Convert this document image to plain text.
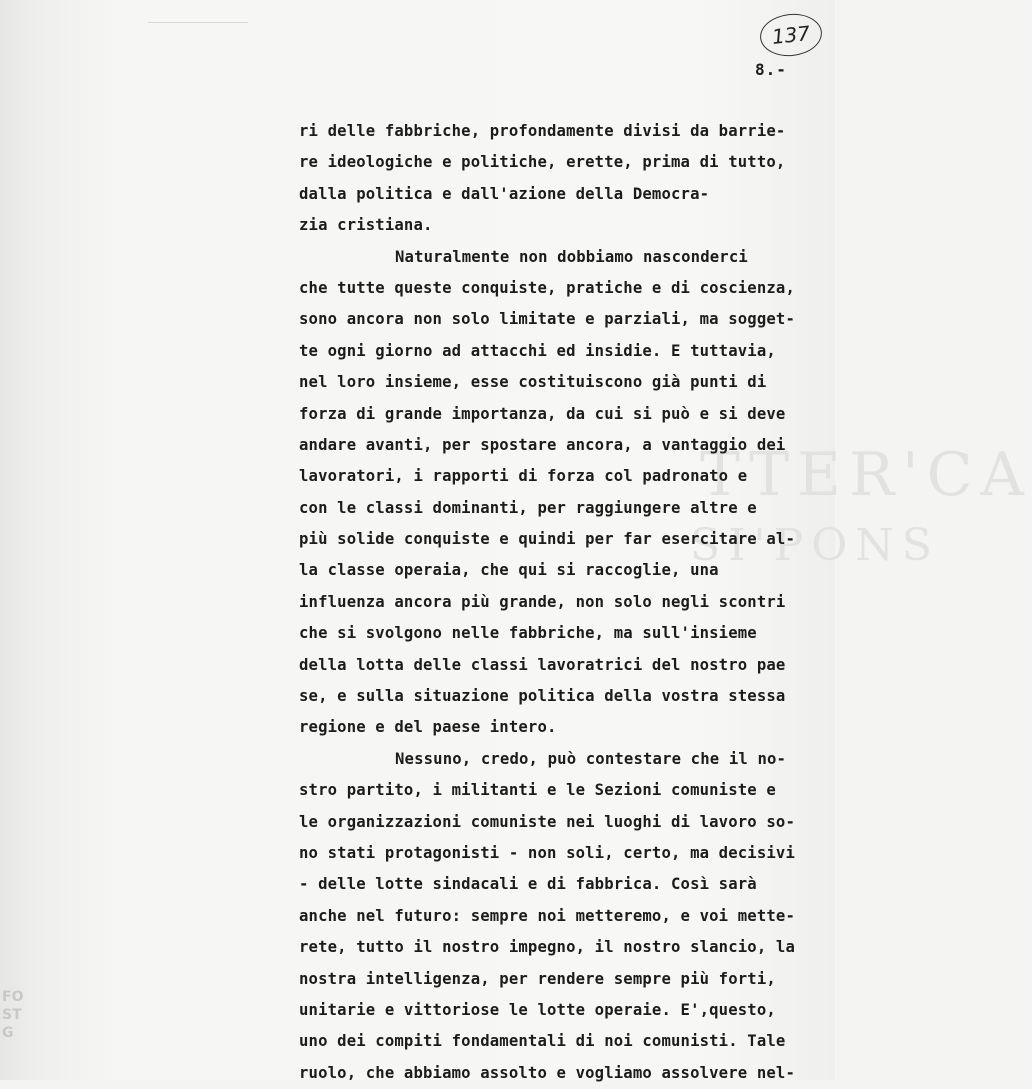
TTER'CA
SI'PONS
137
8.-
ri delle fabbriche, profondamente divisi da barrie-
re ideologiche e politiche, erette, prima di tutto,
dalla politica e dall'azione della Democra-
zia cristiana.
Naturalmente non dobbiamo nasconderci
che tutte queste conquiste, pratiche e di coscienza,
sono ancora non solo limitate e parziali, ma sogget-
te ogni giorno ad attacchi ed insidie. E tuttavia,
nel loro insieme, esse costituiscono già punti di
forza di grande importanza, da cui si può e si deve
andare avanti, per spostare ancora, a vantaggio dei
lavoratori, i rapporti di forza col padronato e
con le classi dominanti, per raggiungere altre e
più solide conquiste e quindi per far esercitare al-
la classe operaia, che qui si raccoglie, una
influenza ancora più grande, non solo negli scontri
che si svolgono nelle fabbriche, ma sull'insieme
della lotta delle classi lavoratrici del nostro pae
se, e sulla situazione politica della vostra stessa
regione e del paese intero.
Nessuno, credo, può contestare che il no-
stro partito, i militanti e le Sezioni comuniste e
le organizzazioni comuniste nei luoghi di lavoro so-
no stati protagonisti - non soli, certo, ma decisivi
- delle lotte sindacali e di fabbrica. Così sarà
anche nel futuro: sempre noi metteremo, e voi mette-
rete, tutto il nostro impegno, il nostro slancio, la
nostra intelligenza, per rendere sempre più forti,
unitarie e vittoriose le lotte operaie. E',questo,
uno dei compiti fondamentali di noi comunisti. Tale
ruolo, che abbiamo assolto e vogliamo assolvere nel-
FO
ST
G
